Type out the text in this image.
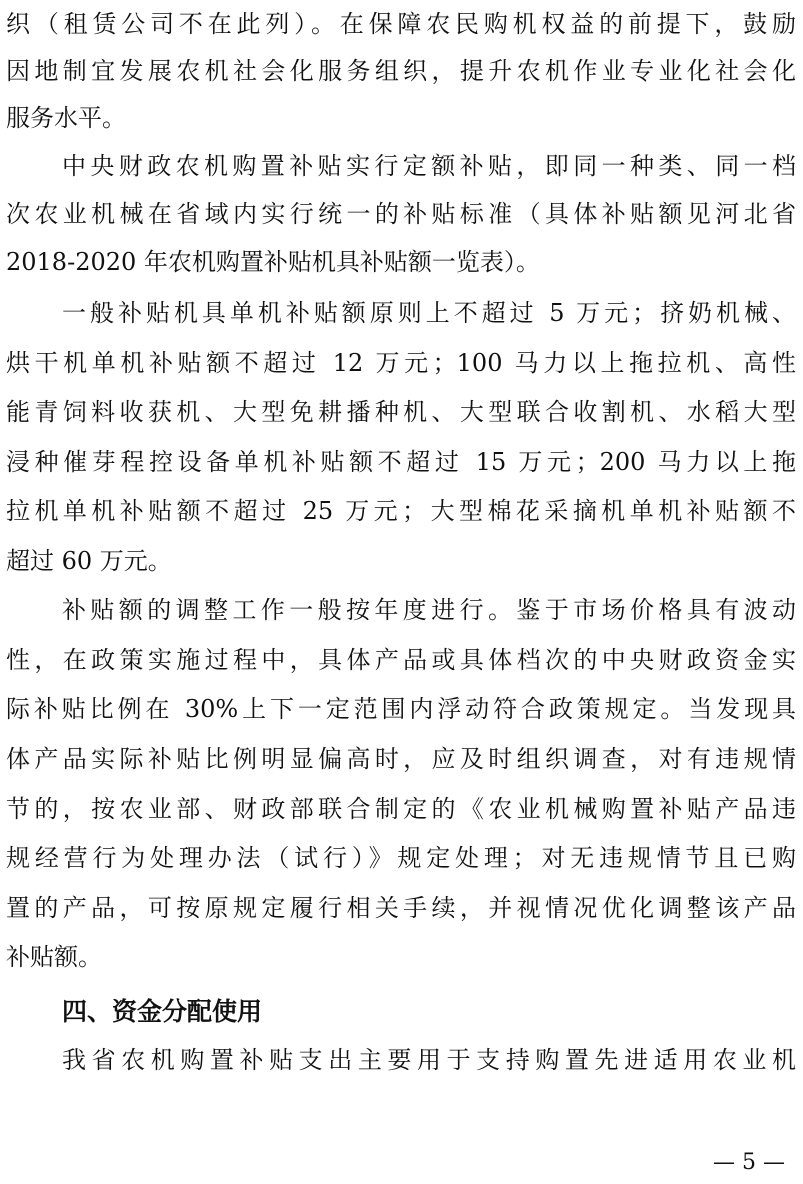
织（租赁公司不在此列）。在保障农民购机权益的前提下，鼓励
因地制宜发展农机社会化服务组织，提升农机作业专业化社会化
服务水平。
中央财政农机购置补贴实行定额补贴，即同一种类、同一档
次农业机械在省域内实行统一的补贴标准（具体补贴额见河北省
2018-2020 年农机购置补贴机具补贴额一览表）。
一般补贴机具单机补贴额原则上不超过 5 万元；挤奶机械、
烘干机单机补贴额不超过 12 万元；100 马力以上拖拉机、高性
能青饲料收获机、大型免耕播种机、大型联合收割机、水稻大型
浸种催芽程控设备单机补贴额不超过 15 万元；200 马力以上拖
拉机单机补贴额不超过 25 万元；大型棉花采摘机单机补贴额不
超过 60 万元。
补贴额的调整工作一般按年度进行。鉴于市场价格具有波动
性，在政策实施过程中，具体产品或具体档次的中央财政资金实
际补贴比例在 30%上下一定范围内浮动符合政策规定。当发现具
体产品实际补贴比例明显偏高时，应及时组织调查，对有违规情
节的，按农业部、财政部联合制定的《农业机械购置补贴产品违
规经营行为处理办法（试行）》规定处理；对无违规情节且已购
置的产品，可按原规定履行相关手续，并视情况优化调整该产品
补贴额。
四、资金分配使用
我省农机购置补贴支出主要用于支持购置先进适用农业机
— 5 —
